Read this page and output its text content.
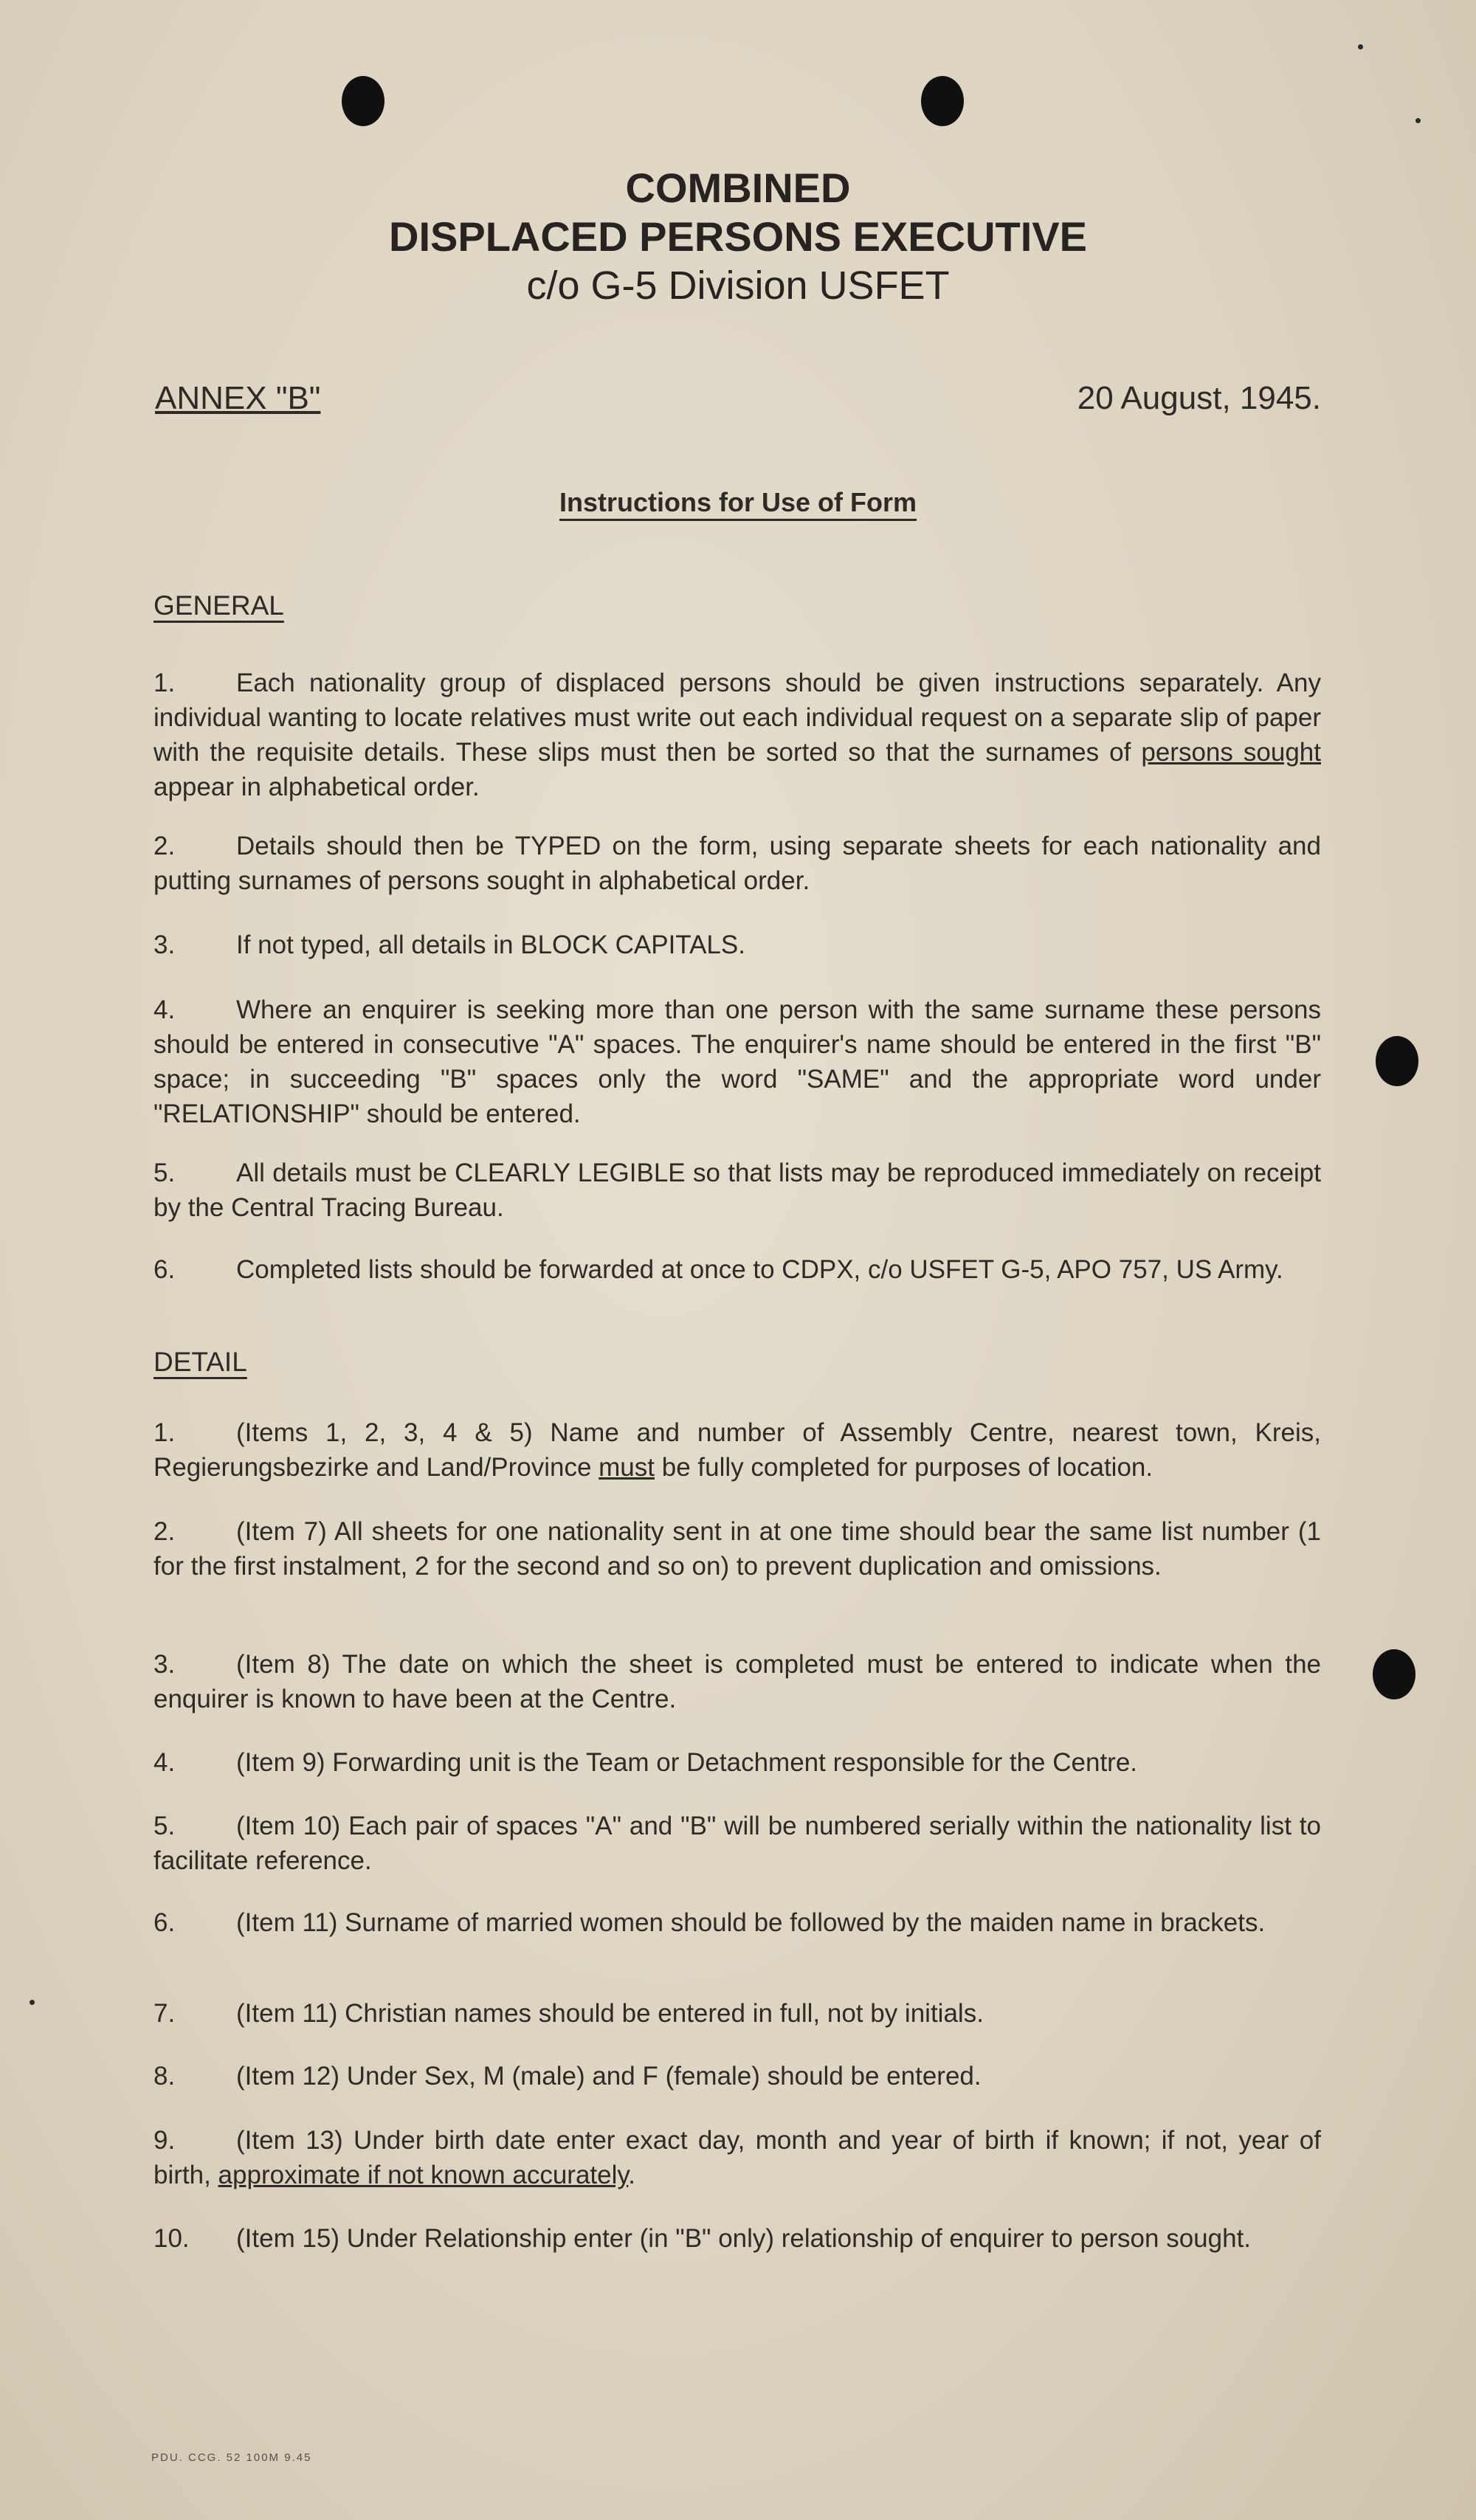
COMBINED
DISPLACED PERSONS EXECUTIVE
c/o G-5 Division USFET
ANNEX "B"	20 August, 1945.
Instructions for Use of Form
GENERAL
1. Each nationality group of displaced persons should be given instructions separately. Any individual wanting to locate relatives must write out each individual request on a separate slip of paper with the requisite details. These slips must then be sorted so that the surnames of persons sought appear in alphabetical order.
2. Details should then be TYPED on the form, using separate sheets for each nationality and putting surnames of persons sought in alphabetical order.
3. If not typed, all details in BLOCK CAPITALS.
4. Where an enquirer is seeking more than one person with the same surname these persons should be entered in consecutive "A" spaces. The enquirer's name should be entered in the first "B" space; in succeeding "B" spaces only the word "SAME" and the appropriate word under "RELATIONSHIP" should be entered.
5. All details must be CLEARLY LEGIBLE so that lists may be reproduced immediately on receipt by the Central Tracing Bureau.
6. Completed lists should be forwarded at once to CDPX, c/o USFET G-5, APO 757, US Army.
DETAIL
1. (Items 1, 2, 3, 4 & 5) Name and number of Assembly Centre, nearest town, Kreis, Regierungsbezirke and Land/Province must be fully completed for purposes of location.
2. (Item 7) All sheets for one nationality sent in at one time should bear the same list number (1 for the first instalment, 2 for the second and so on) to prevent duplication and omissions.
3. (Item 8) The date on which the sheet is completed must be entered to indicate when the enquirer is known to have been at the Centre.
4. (Item 9) Forwarding unit is the Team or Detachment responsible for the Centre.
5. (Item 10) Each pair of spaces "A" and "B" will be numbered serially within the nationality list to facilitate reference.
6. (Item 11) Surname of married women should be followed by the maiden name in brackets.
7. (Item 11) Christian names should be entered in full, not by initials.
8. (Item 12) Under Sex, M (male) and F (female) should be entered.
9. (Item 13) Under birth date enter exact day, month and year of birth if known; if not, year of birth, approximate if not known accurately.
10. (Item 15) Under Relationship enter (in "B" only) relationship of enquirer to person sought.
PDU. CCG. 52 100M 9.45
